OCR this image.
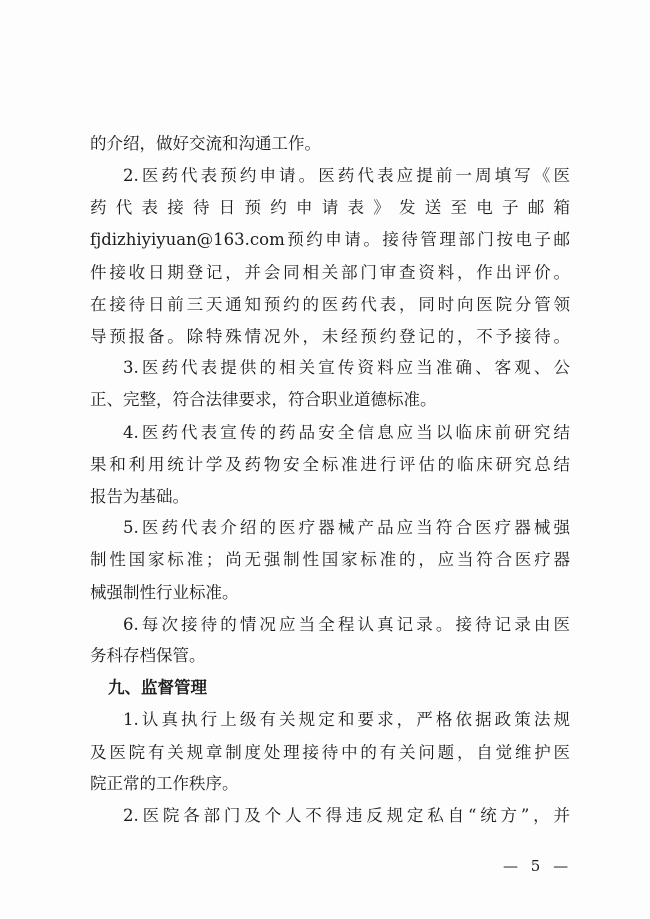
的介绍，做好交流和沟通工作。
2.医药代表预约申请。医药代表应提前一周填写《医
药代表接待日预约申请表》发送至电子邮箱
fjdizhiyiyuan@163.com预约申请。接待管理部门按电子邮
件接收日期登记，并会同相关部门审查资料，作出评价。
在接待日前三天通知预约的医药代表，同时向医院分管领
导预报备。除特殊情况外，未经预约登记的，不予接待。
3.医药代表提供的相关宣传资料应当准确、客观、公
正、完整，符合法律要求，符合职业道德标准。
4.医药代表宣传的药品安全信息应当以临床前研究结
果和利用统计学及药物安全标准进行评估的临床研究总结
报告为基础。
5.医药代表介绍的医疗器械产品应当符合医疗器械强
制性国家标准；尚无强制性国家标准的，应当符合医疗器
械强制性行业标准。
6.每次接待的情况应当全程认真记录。接待记录由医
务科存档保管。
九、监督管理
1.认真执行上级有关规定和要求，严格依据政策法规
及医院有关规章制度处理接待中的有关问题，自觉维护医
院正常的工作秩序。
2.医院各部门及个人不得违反规定私自“统方”，并
— 5 —
